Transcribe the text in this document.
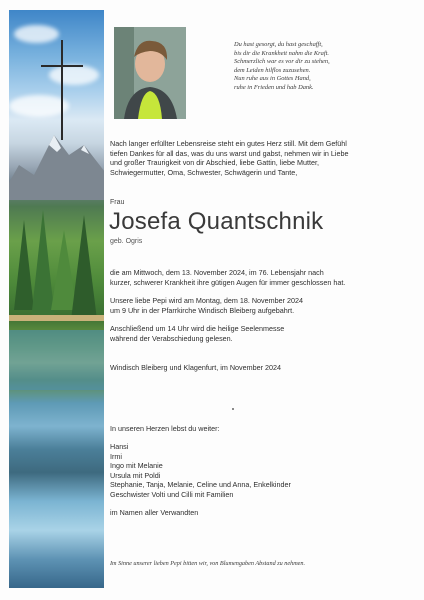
Du hast gesorgt, du hast geschafft,
bis dir die Krankheit nahm die Kraft.
Schmerzlich war es vor dir zu stehen,
dem Leiden hilflos zuzusehen.
Nun ruhe aus in Gottes Hand,
ruhe in Frieden und hab Dank.
Nach langer erfüllter Lebensreise steht ein gutes Herz still. Mit dem Gefühl
tiefen Dankes für all das, was du uns warst und gabst, nehmen wir in Liebe
und großer Traurigkeit von dir Abschied, liebe Gattin, liebe Mutter,
Schwiegermutter, Oma, Schwester, Schwägerin und Tante,
Frau
Josefa Quantschnik
geb. Ogris
die am Mittwoch, dem 13. November 2024, im 76. Lebensjahr nach
kurzer, schwerer Krankheit ihre gütigen Augen für immer geschlossen hat.
Unsere liebe Pepi wird am Montag, dem 18. November 2024
um 9 Uhr in der Pfarrkirche Windisch Bleiberg aufgebahrt.
Anschließend um 14 Uhr wird die heilige Seelenmesse
während der Verabschiedung gelesen.
Windisch Bleiberg und Klagenfurt, im November 2024
In unseren Herzen lebst du weiter:
Hansi
Irmi
Ingo mit Melanie
Ursula mit Poldi
Stephanie, Tanja, Melanie, Celine und Anna, Enkelkinder
Geschwister Volti und Cilli mit Familien
im Namen aller Verwandten
Im Sinne unserer lieben Pepi bitten wir, von Blumengaben Abstand zu nehmen.
